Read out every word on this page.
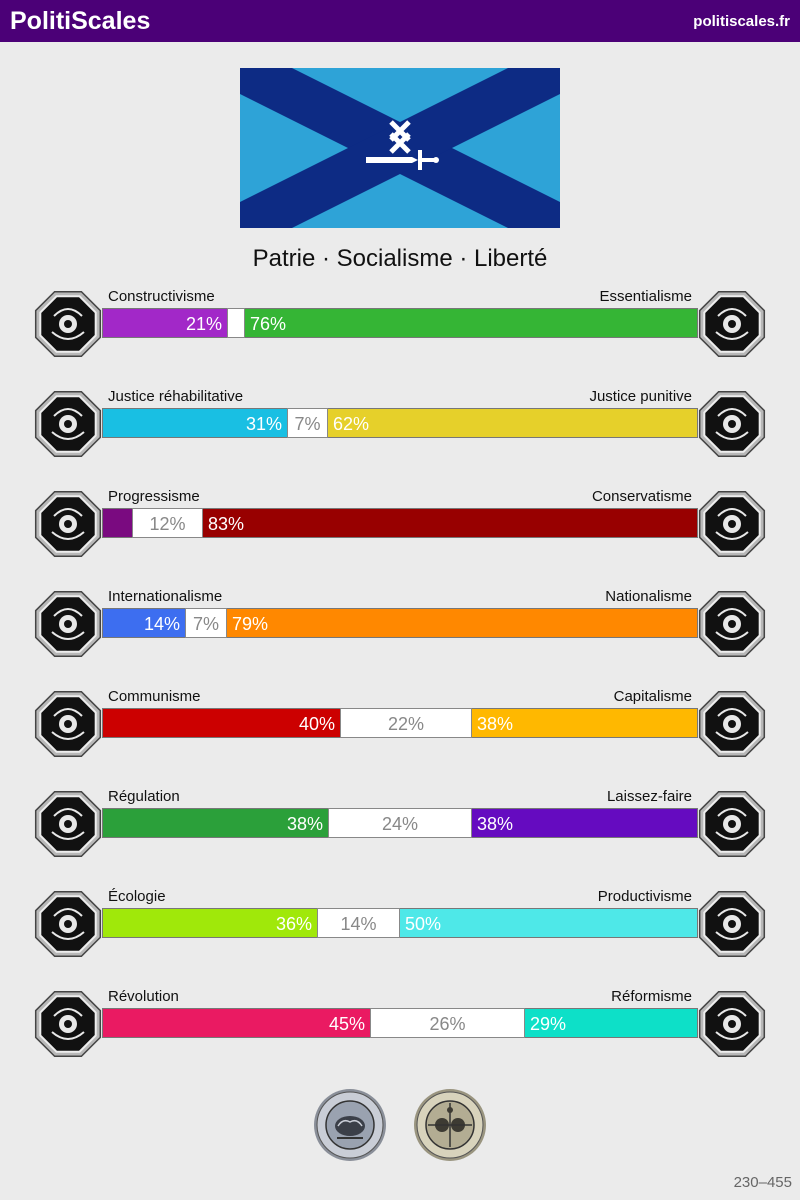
PolitiScales	politiscales.fr
Patrie · Socialisme · Liberté
Constructivisme	Essentialisme
21% 76%
Justice réhabilitative	Justice punitive
31% 7% 62%
Progressisme	Conservatisme
12%	83%
Internationalisme	Nationalisme
14% 7% 79%
Communisme	Capitalisme
40%	22%	38%
Régulation	Laissez-faire
38%	24%	38%
Écologie	Productivisme
36%	14%	50%
Révolution	Réformisme
45%	26%	29%
230–455
